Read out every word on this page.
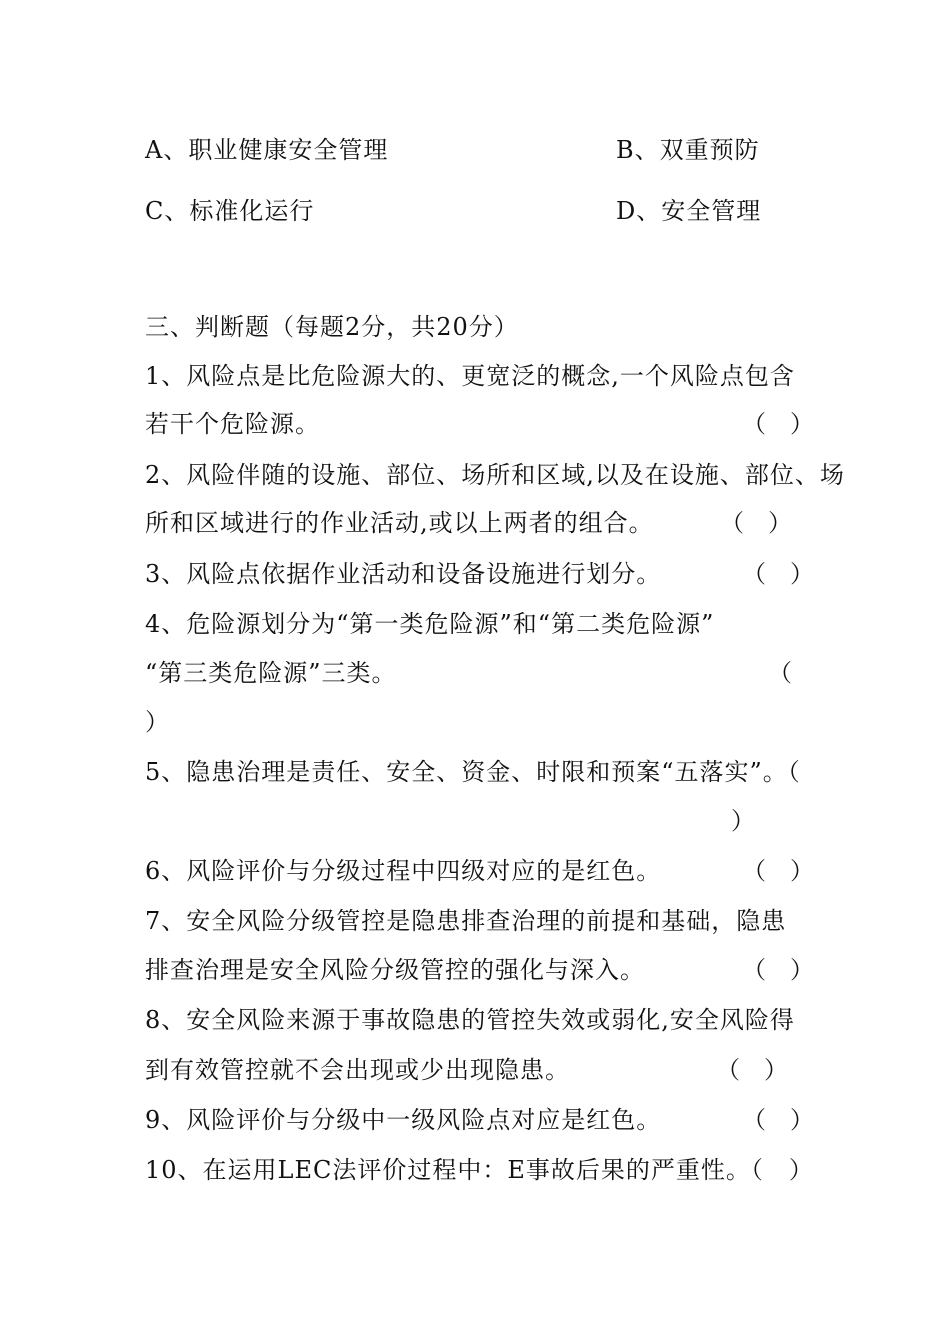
A、职业健康安全管理	B、双重预防
C、标准化运行	D、安全管理
三、判断题（每题2分，共20分）
1、风险点是比危险源大的、更宽泛的概念,一个风险点包含
若干个危险源。	（　）
2、风险伴随的设施、部位、场所和区域,以及在设施、部位、场
所和区域进行的作业活动,或以上两者的组合。	（　）
3、风险点依据作业活动和设备设施进行划分。	（　）
4、危险源划分为“第一类危险源”和“第二类危险源”
“第三类危险源”三类。	（
）
5、隐患治理是责任、安全、资金、时限和预案“五落实”。（
）
6、风险评价与分级过程中四级对应的是红色。	（　）
7、安全风险分级管控是隐患排查治理的前提和基础，隐患
排查治理是安全风险分级管控的强化与深入。	（　）
8、安全风险来源于事故隐患的管控失效或弱化,安全风险得
到有效管控就不会出现或少出现隐患。	（　）
9、风险评价与分级中一级风险点对应是红色。	（　）
10、在运用LEC法评价过程中：E事故后果的严重性。（　）
